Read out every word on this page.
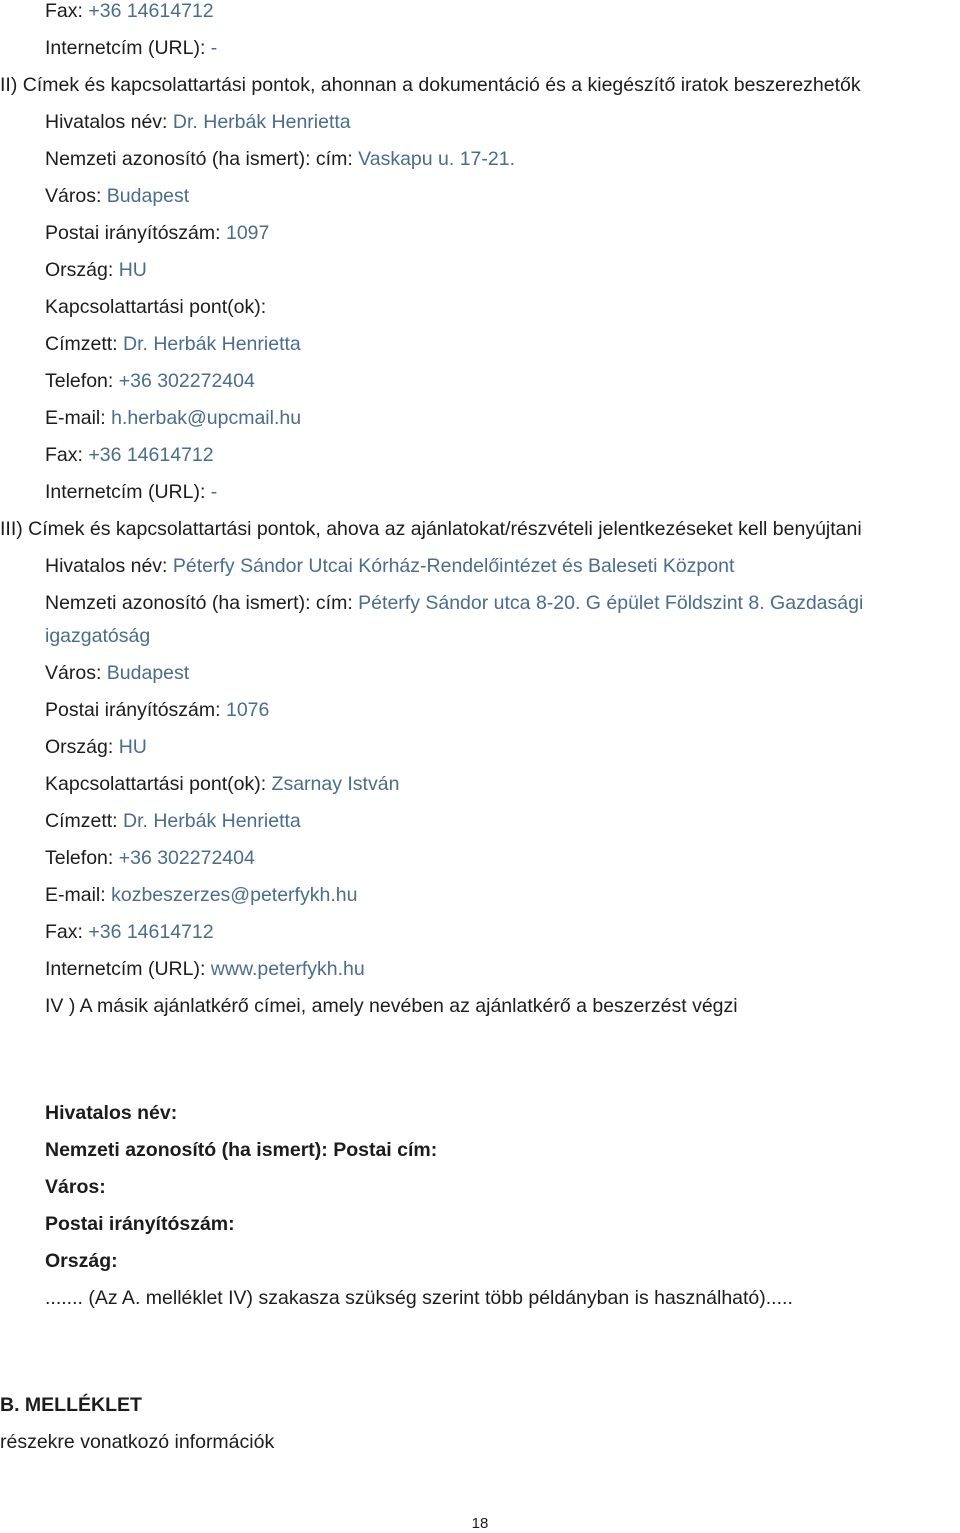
Fax: +36 14614712
Internetcím (URL): -
II) Címek és kapcsolattartási pontok, ahonnan a dokumentáció és a kiegészítő iratok beszerezhetők
Hivatalos név: Dr. Herbák Henrietta
Nemzeti azonosító (ha ismert): cím: Vaskapu u. 17-21.
Város: Budapest
Postai irányítószám: 1097
Ország: HU
Kapcsolattartási pont(ok):
Címzett: Dr. Herbák Henrietta
Telefon: +36 302272404
E-mail: h.herbak@upcmail.hu
Fax: +36 14614712
Internetcím (URL): -
III) Címek és kapcsolattartási pontok, ahova az ajánlatokat/részvételi jelentkezéseket kell benyújtani
Hivatalos név: Péterfy Sándor Utcai Kórház-Rendelőintézet és Baleseti Központ
Nemzeti azonosító (ha ismert): cím: Péterfy Sándor utca 8-20. G épület Földszint 8. Gazdasági igazgatóság
Város: Budapest
Postai irányítószám: 1076
Ország: HU
Kapcsolattartási pont(ok): Zsarnay István
Címzett: Dr. Herbák Henrietta
Telefon: +36 302272404
E-mail: kozbeszerzes@peterfykh.hu
Fax: +36 14614712
Internetcím (URL): www.peterfykh.hu
IV ) A másik ajánlatkérő címei, amely nevében az ajánlatkérő a beszerzést végzi
Hivatalos név:
Nemzeti azonosító (ha ismert): Postai cím:
Város:
Postai irányítószám:
Ország:
....... (Az A. melléklet IV) szakasza szükség szerint több példányban is használható).....
B. MELLÉKLET
részekre vonatkozó információk
18
